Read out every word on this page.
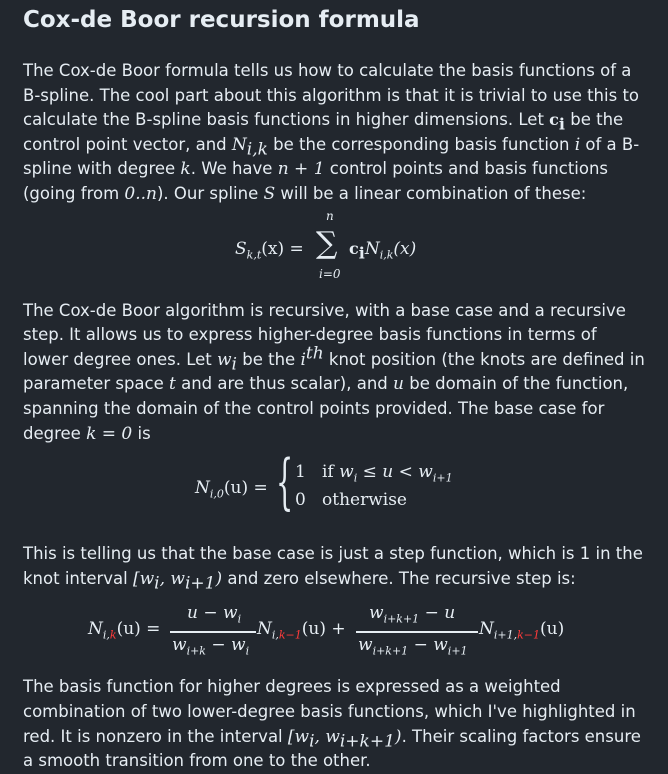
Cox-de Boor recursion formula

The Cox-de Boor formula tells us how to calculate the basis functions of a B-spline. The cool part about this algorithm is that it is trivial to use this to calculate the B-spline basis functions in higher dimensions. Let $c_i$ be the control point vector, and $N_{i,k}$ be the corresponding basis function i of a B-spline with degree k. We have n + 1 control points and basis functions (going from 0..n). Our spline S will be a linear combination of these:

$S_{k,t}(x)$ =
n
∑
i=0
$c_iN_{i,k}(x)$

The Cox-de Boor algorithm is recursive, with a base case and a recursive step. It allows us to express higher-degree basis functions in terms of lower degree ones. Let $w_i$ be the $i^{th}$ knot position (the knots are defined in parameter space t and are thus scalar), and u be domain of the function, spanning the domain of the control points provided. The base case for degree k = 0 is

$N_{i,0}(u)$ = { 1 if $w_i \le u < w_{i+1}$
0 otherwise

This is telling us that the base case is just a step function, which is 1 in the knot interval [$w_i$, $w_{i+1}$) and zero elsewhere. The recursive step is:

$N_{i,k}(u)$ =
$u - w_i$
$w_{i+k} - w_i$
$N_{i,k-1}(u)$ +
$w_{i+k+1} - u$
$w_{i+k+1} - w_{i+1}$
$N_{i+1,k-1}(u)$

The basis function for higher degrees is expressed as a weighted combination of two lower-degree basis functions, which I've highlighted in red. It is nonzero in the interval [$w_i$, $w_{i+k+1}$). Their scaling factors ensure a smooth transition from one to the other.
